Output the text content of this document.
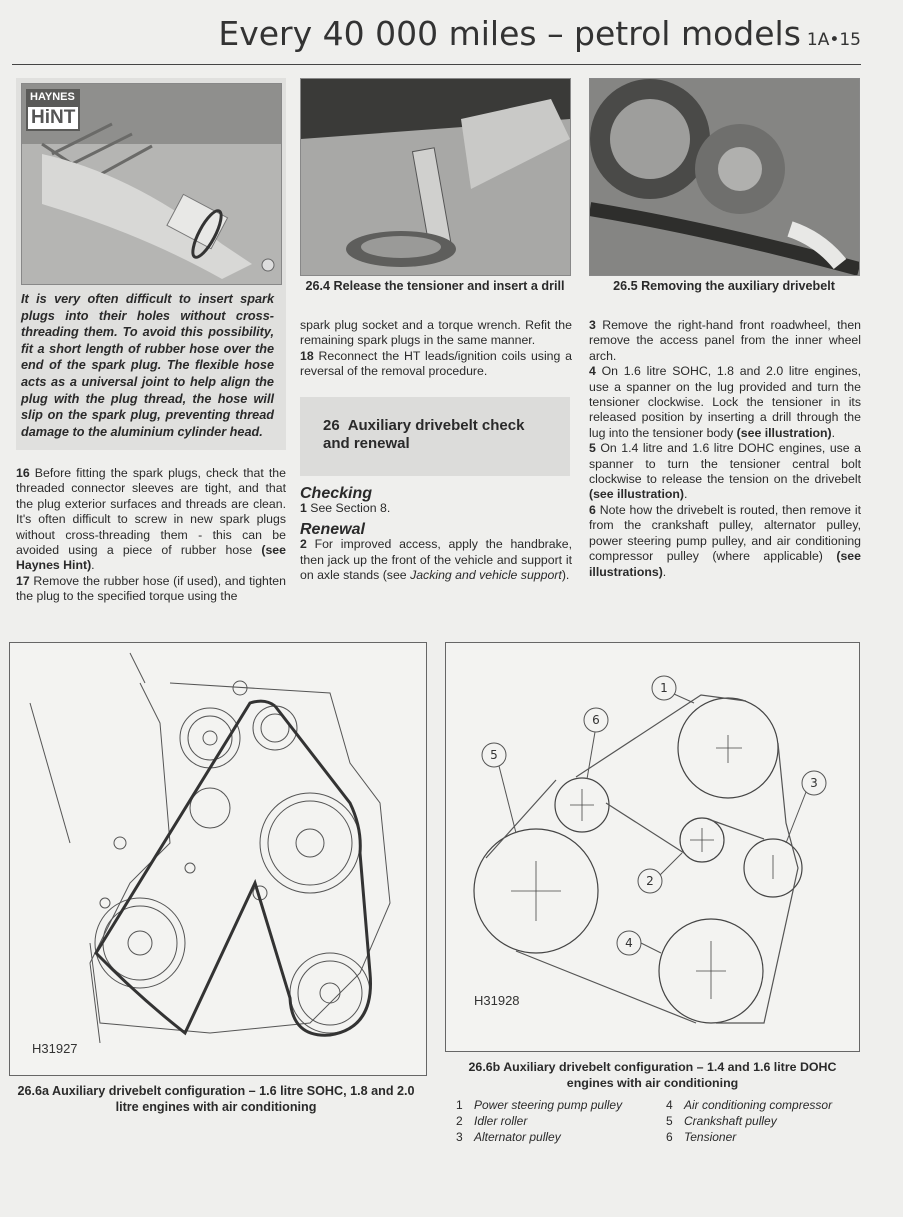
Every 40 000 miles – petrol models 1A•15
HAYNES
HiNT
It is very often difficult to insert spark plugs into their holes without cross-threading them. To avoid this possibility, fit a short length of rubber hose over the end of the spark plug. The flexible hose acts as a universal joint to help align the plug with the plug thread, the hose will slip on the spark plug, preventing thread damage to the aluminium cylinder head.

16 Before fitting the spark plugs, check that the threaded connector sleeves are tight, and that the plug exterior surfaces and threads are clean. It's often difficult to screw in new spark plugs without cross-threading them - this can be avoided using a piece of rubber hose (see Haynes Hint).

17 Remove the rubber hose (if used), and tighten the plug to the specified torque using the

26.4 Release the tensioner and insert a drill

spark plug socket and a torque wrench. Refit the remaining spark plugs in the same manner.

18 Reconnect the HT leads/ignition coils using a reversal of the removal procedure.

26 Auxiliary drivebelt check and renewal

Checking

1 See Section 8.

Renewal

2 For improved access, apply the handbrake, then jack up the front of the vehicle and support it on axle stands (see Jacking and vehicle support).

26.5 Removing the auxiliary drivebelt

3 Remove the right-hand front roadwheel, then remove the access panel from the inner wheel arch.

4 On 1.6 litre SOHC, 1.8 and 2.0 litre engines, use a spanner on the lug provided and turn the tensioner clockwise. Lock the tensioner in its released position by inserting a drill through the lug into the tensioner body (see illustration).

5 On 1.4 litre and 1.6 litre DOHC engines, use a spanner to turn the tensioner central bolt clockwise to release the tension on the drivebelt (see illustration).

6 Note how the drivebelt is routed, then remove it from the crankshaft pulley, alternator pulley, power steering pump pulley, and air conditioning compressor pulley (where applicable) (see illustrations).

H31927
26.6a Auxiliary drivebelt configuration – 1.6 litre SOHC, 1.8 and 2.0 litre engines with air conditioning
1
2
3
4
5
6
H31928
26.6b Auxiliary drivebelt configuration – 1.4 and 1.6 litre DOHC engines with air conditioning
1 Power steering pump pulley
2 Idler roller
3 Alternator pulley
4 Air conditioning compressor
5 Crankshaft pulley
6 Tensioner
